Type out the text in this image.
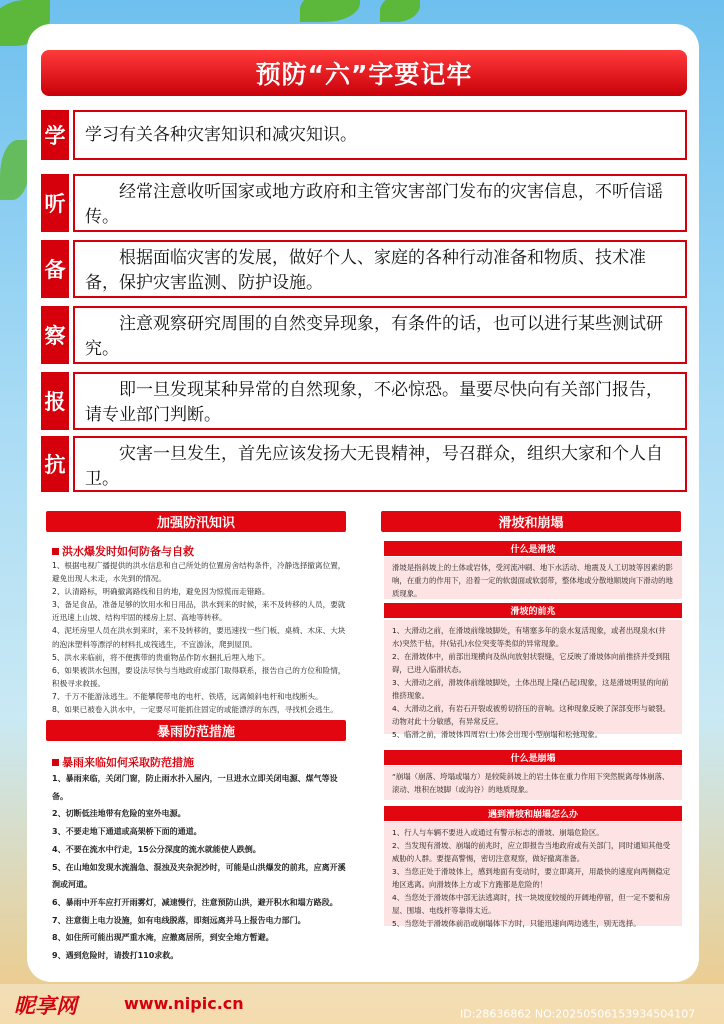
预防“六”字要记牢
学	学习有关各种灾害知识和减灾知识。
听	　　经常注意收听国家或地方政府和主管灾害部门发布的灾害信息，不听信谣传。
备	　　根据面临灾害的发展，做好个人、家庭的各种行动准备和物质、技术准备，保护灾害监测、防护设施。
察	　　注意观察研究周围的自然变异现象，有条件的话，也可以进行某些测试研究。
报	　　即一旦发现某种异常的自然现象，不必惊恐。量要尽快向有关部门报告，请专业部门判断。
抗	　　灾害一旦发生，首先应该发扬大无畏精神，号召群众，组织大家和个人自卫。
加强防汛知识
洪水爆发时如何防备与自救
1、根据电视广播提供的洪水信息和自己所处的位置房舍结构条件，冷静选择撤离位置，避免出现人未走，水先到的情况。
2、认清路标，明确撤离路线和目的地，避免因为惊慌而走错路。
3、备足食品，准备足够的饮用水和日用品，洪水到来的时候，来不及转移的人员，要就近迅速上山坡、结构牢固的楼房上层、高地等转移。
4、泥坯房里人员在洪水到来时，来不及转移的，要迅速找一些门板、桌椅、木床、大块的泡沫塑料等漂浮的材料扎成筏逃生，不宜游泳，爬到屋顶。
5、洪水来临前，将不便携带的贵重物品作防水捆扎后埋入地下。
6、如果被洪水包围，要设法尽快与当地政府或部门取得联系，报告自己的方位和险情，积极寻求救援。
7、千万不能游泳逃生。不能攀爬带电的电杆、铁塔，远离倾斜电杆和电线断头。
8、如果已被卷入洪水中，一定要尽可能抓住固定的或能漂浮的东西，寻找机会逃生。
暴雨防范措施
暴雨来临如何采取防范措施
1、暴雨来临，关闭门窗，防止雨水扑入屋内，一旦进水立即关闭电源、煤气等设备。
2、切断低洼地带有危险的室外电源。
3、不要走地下通道或高架桥下面的通道。
4、不要在流水中行走，15公分深度的流水就能使人跌倒。
5、在山地如发现水流湍急、混浊及夹杂泥沙时，可能是山洪爆发的前兆，应离开溪涧或河道。
6、暴雨中开车应打开雨雾灯，减速慢行，注意预防山洪，避开积水和塌方路段。
7、注意街上电力设施，如有电线脱落，即刻远离并马上报告电力部门。
8、如住所可能出现严重水淹，应撤离居所，到安全地方暂避。
9、遇到危险时，请拨打110求救。
滑坡和崩塌
什么是滑坡
滑坡是指斜坡上的土体或岩体，受河流冲刷、地下水活动、地震及人工切坡等因素的影响，在重力的作用下，沿着一定的软弱面或软弱带，整体地或分散地顺坡向下滑动的地质现象。
滑坡的前兆
1、大滑动之前，在滑坡前缘坡脚处，有堵塞多年的泉水复活现象，或者出现泉水(井水)突然干枯，井(钻孔)水位突变等类似的异常现象。
2、在滑坡体中，前部出现横向及纵向放射状裂缝，它反映了滑坡体向前推挤并受到阻碍，已进入临滑状态。
3、大滑动之前，滑坡体前缘坡脚处，土体出现上隆(凸起)现象，这是滑坡明显的向前推挤现象。
4、大滑动之前，有岩石开裂或被剪切挤压的音响。这种现象反映了深部变形与破裂。动物对此十分敏感，有异常反应。
5、临滑之前，滑坡体四周岩(土)体会出现小型崩塌和松弛现象。
什么是崩塌
“崩塌（崩落、垮塌或塌方）是较陡斜坡上的岩土体在重力作用下突然脱离母体崩落、滚动、堆积在坡脚（或沟谷）的地质现象。
遇到滑坡和崩塌怎么办
1、行人与车辆不要进入或通过有警示标志的滑坡、崩塌危险区。
2、当发现有滑坡、崩塌的前兆时，应立即报告当地政府或有关部门，同时通知其他受威胁的人群。要提高警惕，密切注意观察，做好撤离准备。
3、当您正处于滑坡体上，感到地面有变动时，要立即离开，用最快的速度向两侧稳定地区逃离。向滑坡体上方或下方跑都是危险的！
4、当您处于滑坡体中部无法逃离时，找一块坡度较缓的开阔地停留，但一定不要和房屋、围墙、电线杆等靠得太近。
5、当您处于滑坡体前沿或崩塌体下方时，只能迅速向两边逃生，别无选择。
昵享网	www.nipic.cn
ID:28636862 NO:20250506153934504107
